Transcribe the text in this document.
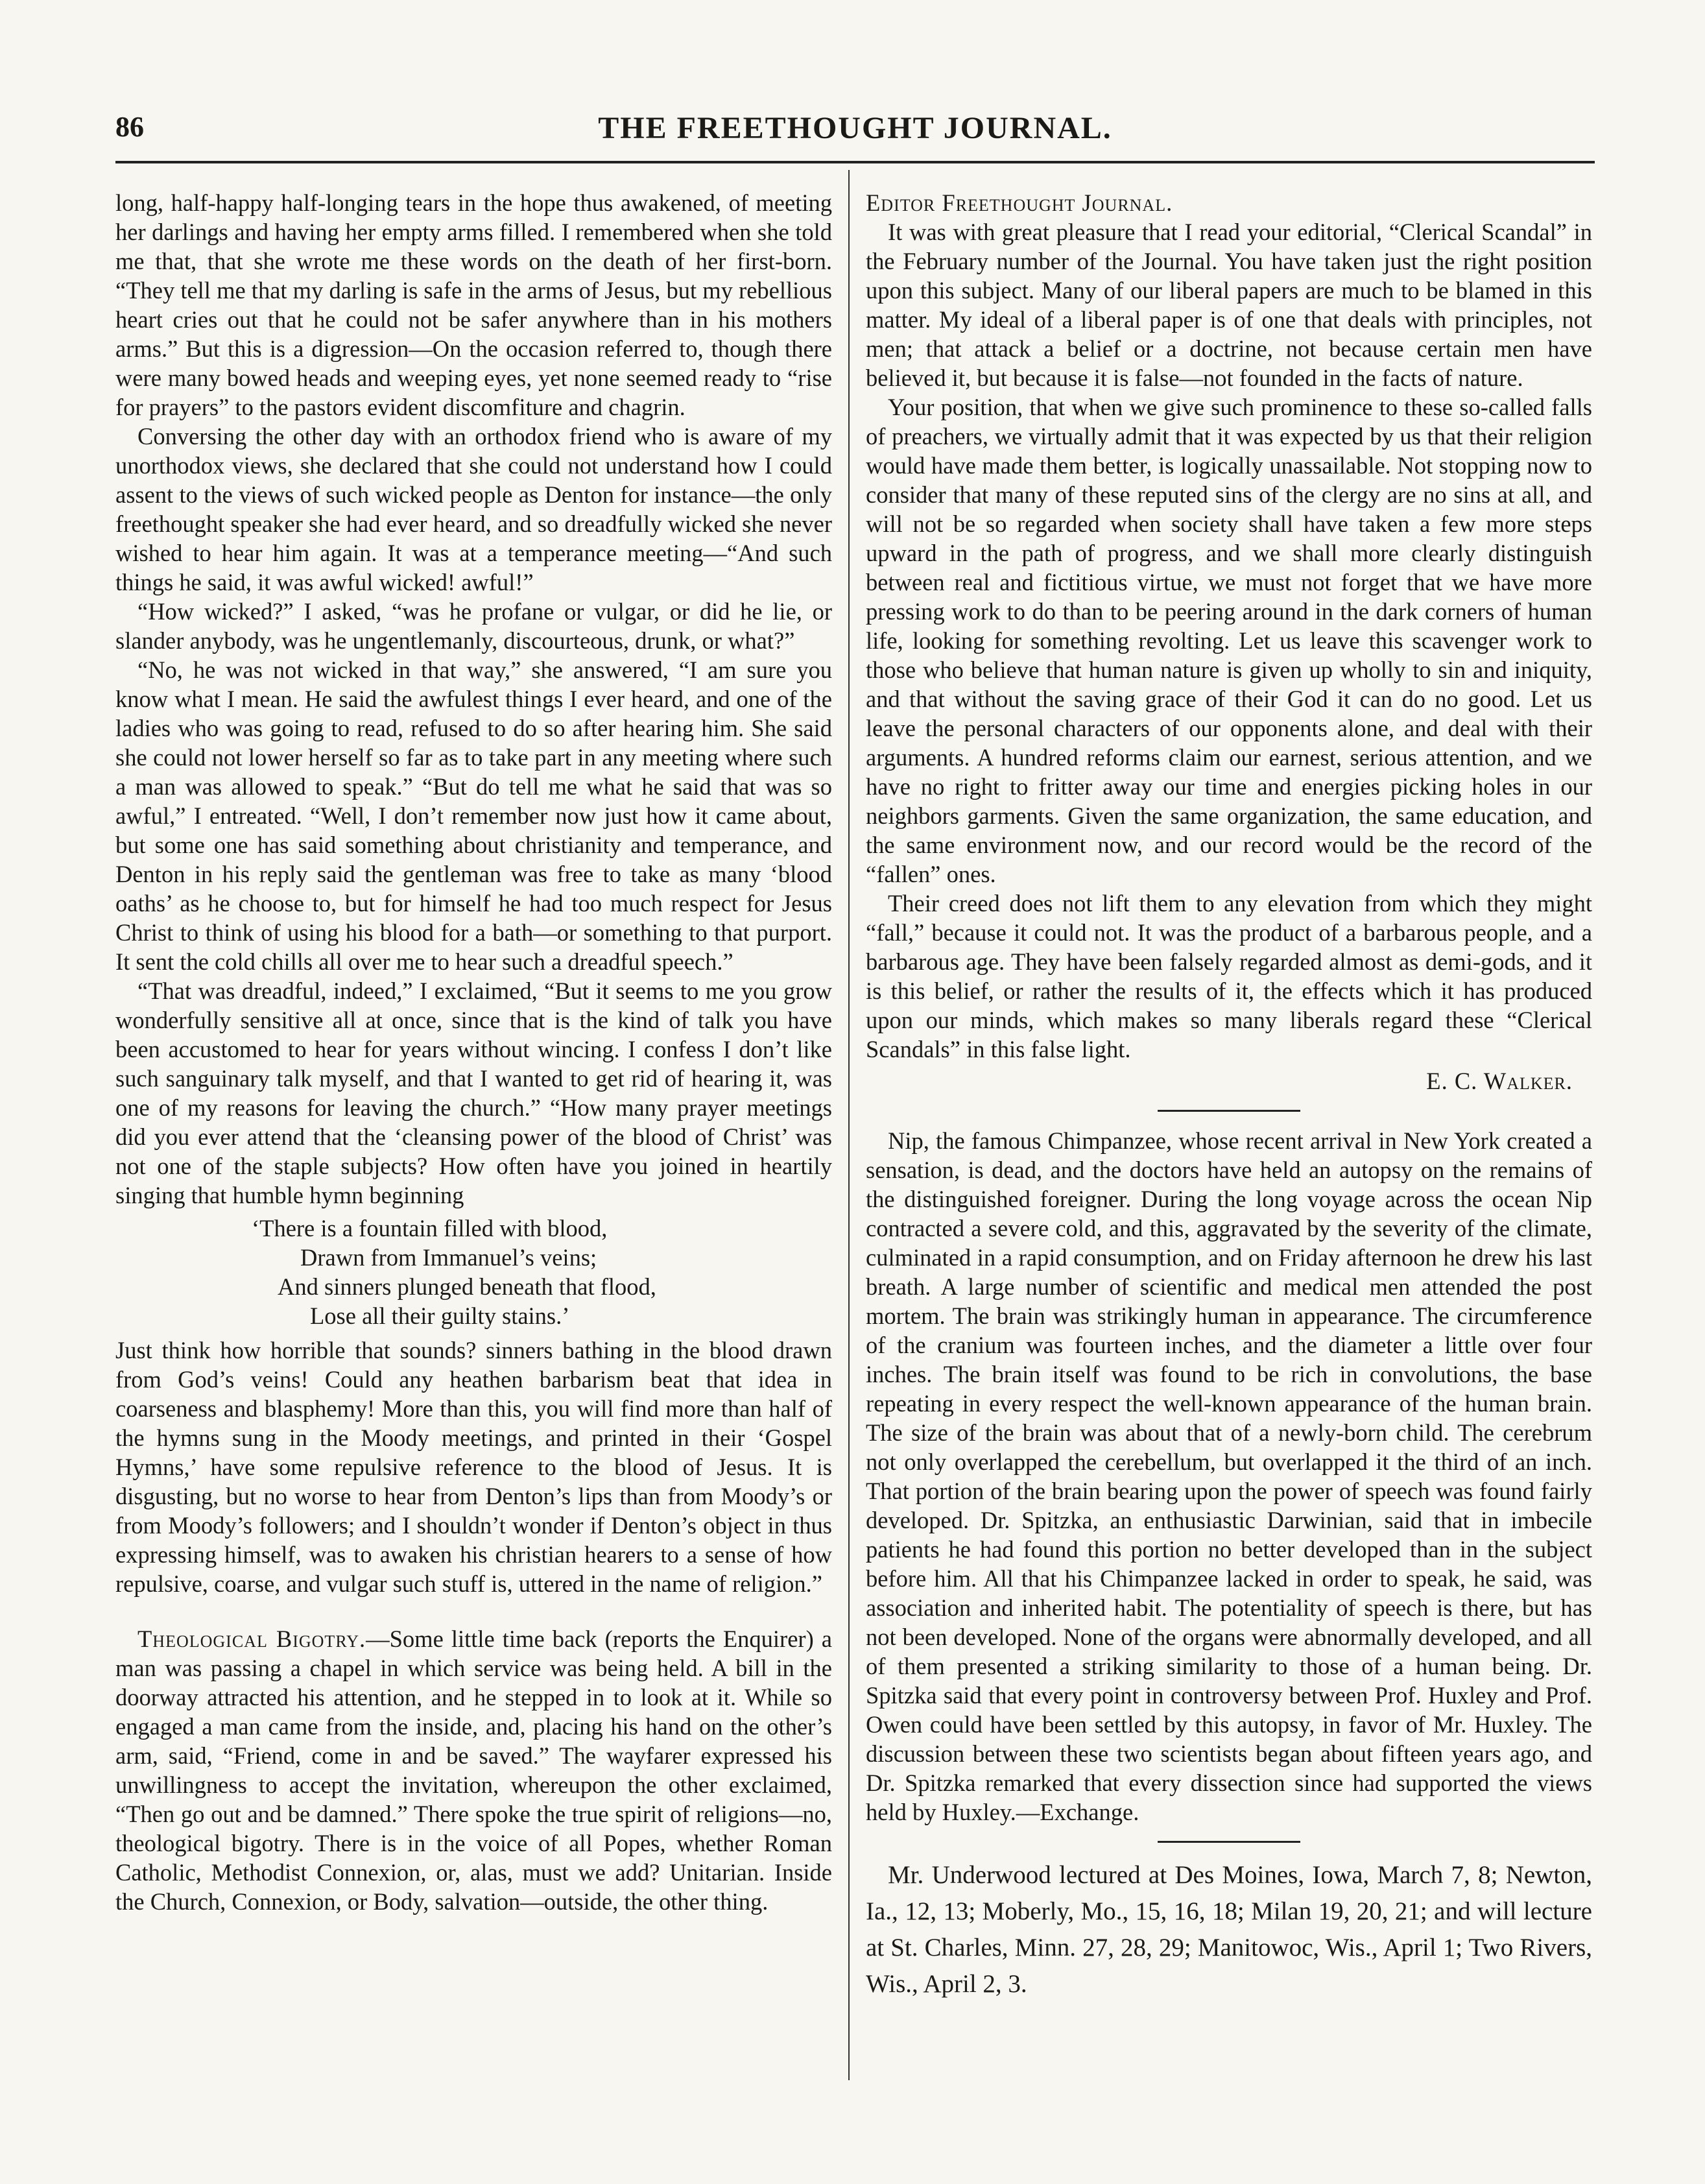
86	THE FREETHOUGHT JOURNAL.

long, half-happy half-longing tears in the hope thus awakened, of meeting her darlings and having her empty arms filled. I remembered when she told me that, that she wrote me these words on the death of her first-born. “They tell me that my darling is safe in the arms of Jesus, but my rebellious heart cries out that he could not be safer anywhere than in his mothers arms.” But this is a digression—On the occasion referred to, though there were many bowed heads and weeping eyes, yet none seemed ready to “rise for prayers” to the pastors evident discomfiture and chagrin.

Conversing the other day with an orthodox friend who is aware of my unorthodox views, she declared that she could not understand how I could assent to the views of such wicked people as Denton for instance—the only freethought speaker she had ever heard, and so dreadfully wicked she never wished to hear him again. It was at a temperance meeting—“And such things he said, it was awful wicked! awful!”

“How wicked?” I asked, “was he profane or vulgar, or did he lie, or slander anybody, was he ungentlemanly, discourteous, drunk, or what?”

“No, he was not wicked in that way,” she answered, “I am sure you know what I mean. He said the awfulest things I ever heard, and one of the ladies who was going to read, refused to do so after hearing him. She said she could not lower herself so far as to take part in any meeting where such a man was allowed to speak.” “But do tell me what he said that was so awful,” I entreated. “Well, I don’t remember now just how it came about, but some one has said something about christianity and temperance, and Denton in his reply said the gentleman was free to take as many ‘blood oaths’ as he choose to, but for himself he had too much respect for Jesus Christ to think of using his blood for a bath—or something to that purport. It sent the cold chills all over me to hear such a dreadful speech.”

“That was dreadful, indeed,” I exclaimed, “But it seems to me you grow wonderfully sensitive all at once, since that is the kind of talk you have been accustomed to hear for years without wincing. I confess I don’t like such sanguinary talk myself, and that I wanted to get rid of hearing it, was one of my reasons for leaving the church.” “How many prayer meetings did you ever attend that the ‘cleansing power of the blood of Christ’ was not one of the staple subjects? How often have you joined in heartily singing that humble hymn beginning

‘There is a fountain filled with blood,
Drawn from Immanuel’s veins;
And sinners plunged beneath that flood,
Lose all their guilty stains.’

Just think how horrible that sounds? sinners bathing in the blood drawn from God’s veins! Could any heathen barbarism beat that idea in coarseness and blasphemy! More than this, you will find more than half of the hymns sung in the Moody meetings, and printed in their ‘Gospel Hymns,’ have some repulsive reference to the blood of Jesus. It is disgusting, but no worse to hear from Denton’s lips than from Moody’s or from Moody’s followers; and I shouldn’t wonder if Denton’s object in thus expressing himself, was to awaken his christian hearers to a sense of how repulsive, coarse, and vulgar such stuff is, uttered in the name of religion.”

Theological Bigotry.—Some little time back (reports the Enquirer) a man was passing a chapel in which service was being held. A bill in the doorway attracted his attention, and he stepped in to look at it. While so engaged a man came from the inside, and, placing his hand on the other’s arm, said, “Friend, come in and be saved.” The wayfarer expressed his unwillingness to accept the invitation, whereupon the other exclaimed, “Then go out and be damned.” There spoke the true spirit of religions—no, theological bigotry. There is in the voice of all Popes, whether Roman Catholic, Methodist Connexion, or, alas, must we add? Unitarian. Inside the Church, Connexion, or Body, salvation—outside, the other thing.

Editor Freethought Journal.

It was with great pleasure that I read your editorial, “Clerical Scandal” in the February number of the Journal. You have taken just the right position upon this subject. Many of our liberal papers are much to be blamed in this matter. My ideal of a liberal paper is of one that deals with principles, not men; that attack a belief or a doctrine, not because certain men have believed it, but because it is false—not founded in the facts of nature.

Your position, that when we give such prominence to these so-called falls of preachers, we virtually admit that it was expected by us that their religion would have made them better, is logically unassailable. Not stopping now to consider that many of these reputed sins of the clergy are no sins at all, and will not be so regarded when society shall have taken a few more steps upward in the path of progress, and we shall more clearly distinguish between real and fictitious virtue, we must not forget that we have more pressing work to do than to be peering around in the dark corners of human life, looking for something revolting. Let us leave this scavenger work to those who believe that human nature is given up wholly to sin and iniquity, and that without the saving grace of their God it can do no good. Let us leave the personal characters of our opponents alone, and deal with their arguments. A hundred reforms claim our earnest, serious attention, and we have no right to fritter away our time and energies picking holes in our neighbors garments. Given the same organization, the same education, and the same environment now, and our record would be the record of the “fallen” ones.

Their creed does not lift them to any elevation from which they might “fall,” because it could not. It was the product of a barbarous people, and a barbarous age. They have been falsely regarded almost as demi-gods, and it is this belief, or rather the results of it, the effects which it has produced upon our minds, which makes so many liberals regard these “Clerical Scandals” in this false light.

E. C. Walker.

Nip, the famous Chimpanzee, whose recent arrival in New York created a sensation, is dead, and the doctors have held an autopsy on the remains of the distinguished foreigner. During the long voyage across the ocean Nip contracted a severe cold, and this, aggravated by the severity of the climate, culminated in a rapid consumption, and on Friday afternoon he drew his last breath. A large number of scientific and medical men attended the post mortem. The brain was strikingly human in appearance. The circumference of the cranium was fourteen inches, and the diameter a little over four inches. The brain itself was found to be rich in convolutions, the base repeating in every respect the well-known appearance of the human brain. The size of the brain was about that of a newly-born child. The cerebrum not only overlapped the cerebellum, but overlapped it the third of an inch. That portion of the brain bearing upon the power of speech was found fairly developed. Dr. Spitzka, an enthusiastic Darwinian, said that in imbecile patients he had found this portion no better developed than in the subject before him. All that his Chimpanzee lacked in order to speak, he said, was association and inherited habit. The potentiality of speech is there, but has not been developed. None of the organs were abnormally developed, and all of them presented a striking similarity to those of a human being. Dr. Spitzka said that every point in controversy between Prof. Huxley and Prof. Owen could have been settled by this autopsy, in favor of Mr. Huxley. The discussion between these two scientists began about fifteen years ago, and Dr. Spitzka remarked that every dissection since had supported the views held by Huxley.—Exchange.

Mr. Underwood lectured at Des Moines, Iowa, March 7, 8; Newton, Ia., 12, 13; Moberly, Mo., 15, 16, 18; Milan 19, 20, 21; and will lecture at St. Charles, Minn. 27, 28, 29; Manitowoc, Wis., April 1; Two Rivers, Wis., April 2, 3.
